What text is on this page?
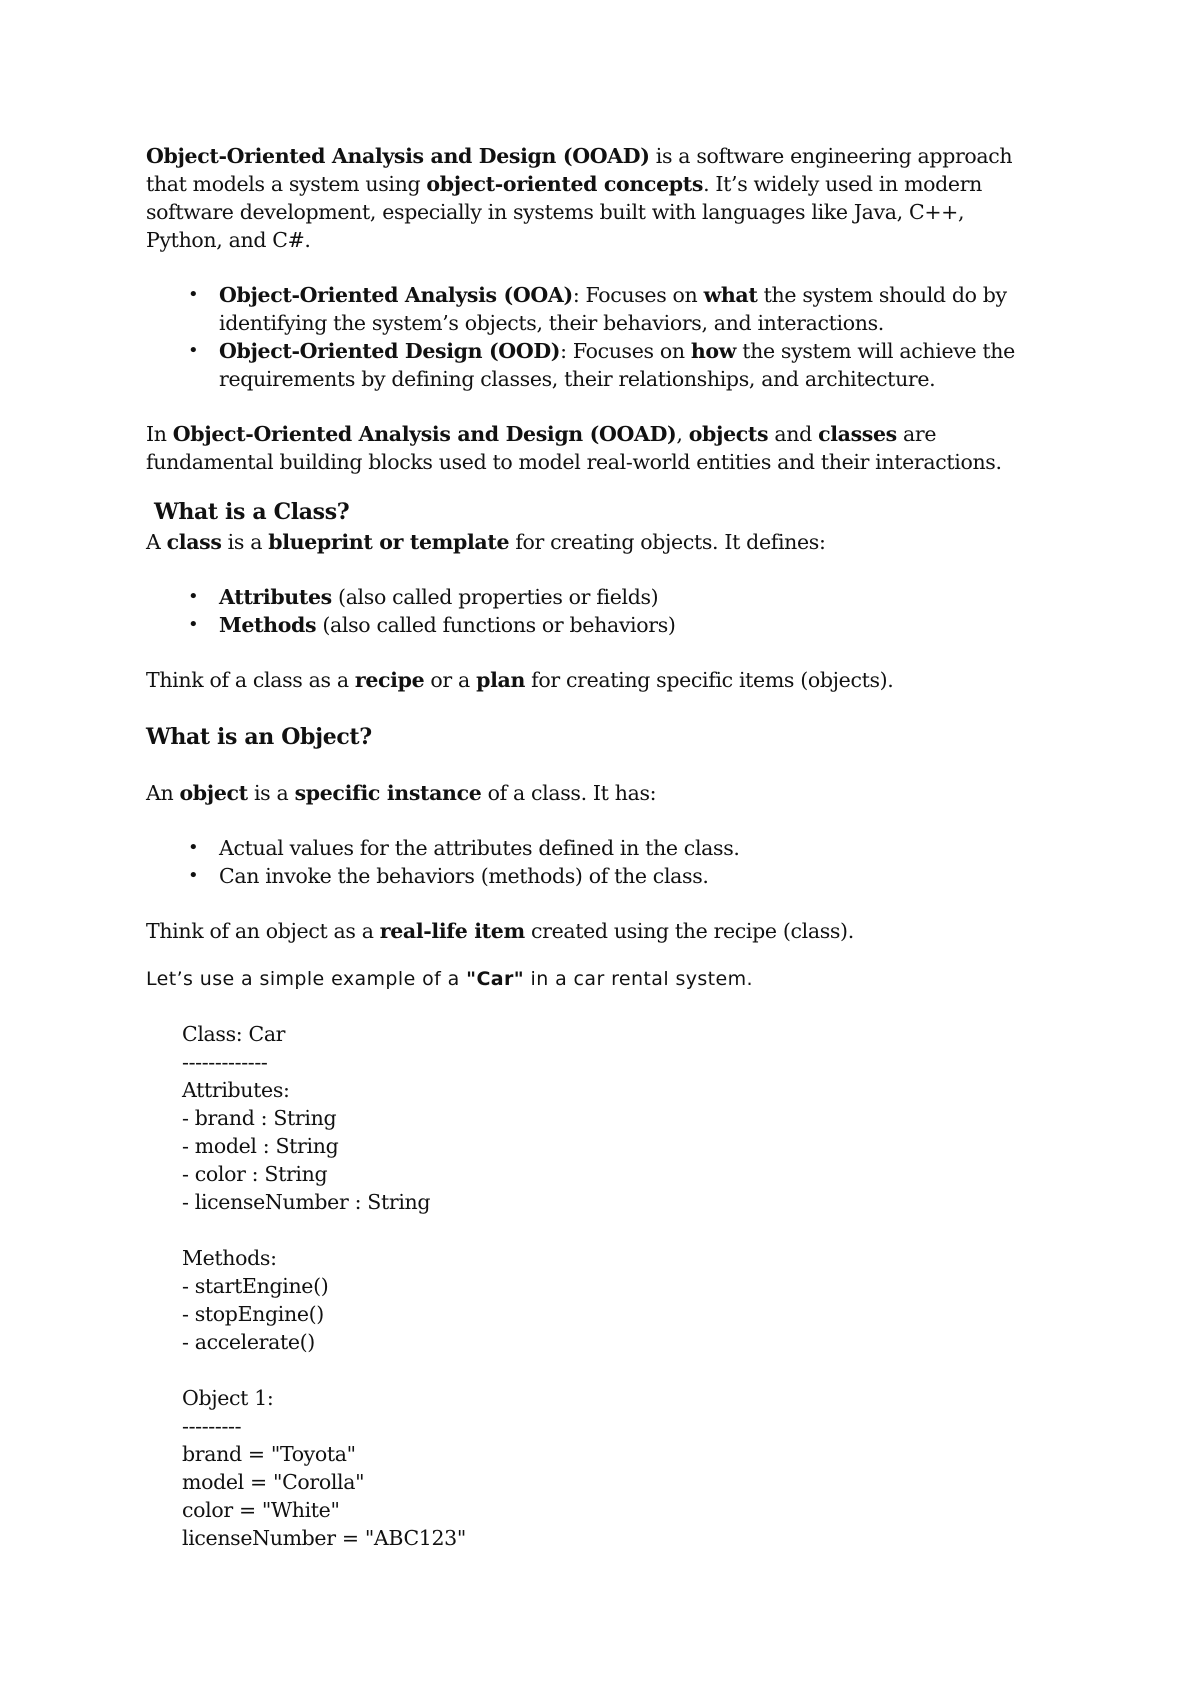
Object-Oriented Analysis and Design (OOAD) is a software engineering approach that models a system using object-oriented concepts. It’s widely used in modern software development, especially in systems built with languages like Java, C++, Python, and C#.

• Object-Oriented Analysis (OOA): Focuses on what the system should do by identifying the system’s objects, their behaviors, and interactions.
• Object-Oriented Design (OOD): Focuses on how the system will achieve the requirements by defining classes, their relationships, and architecture.

In Object-Oriented Analysis and Design (OOAD), objects and classes are fundamental building blocks used to model real-world entities and their interactions.

What is a Class?

A class is a blueprint or template for creating objects. It defines:

• Attributes (also called properties or fields)
• Methods (also called functions or behaviors)

Think of a class as a recipe or a plan for creating specific items (objects).

What is an Object?

An object is a specific instance of a class. It has:

• Actual values for the attributes defined in the class.
• Can invoke the behaviors (methods) of the class.

Think of an object as a real-life item created using the recipe (class).

Let’s use a simple example of a "Car" in a car rental system.

Class: Car
-------------
Attributes:
- brand : String
- model : String
- color : String
- licenseNumber : String
Methods:
- startEngine()
- stopEngine()
- accelerate()
Object 1:
---------
brand = "Toyota"
model = "Corolla"
color = "White"
licenseNumber = "ABC123"
